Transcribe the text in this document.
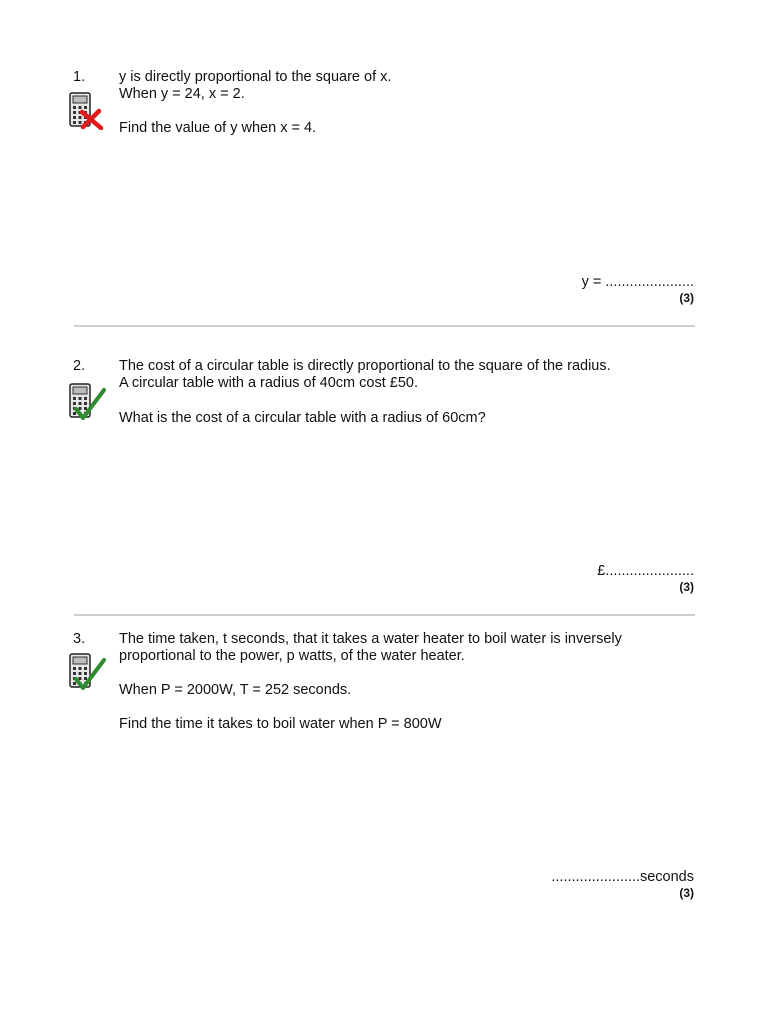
1. y is directly proportional to the square of x.
When y = 24, x = 2.
Find the value of y when x = 4.
y = ......................
(3)
2. The cost of a circular table is directly proportional to the square of the radius.
A circular table with a radius of 40cm cost £50.
What is the cost of a circular table with a radius of 60cm?
£......................
(3)
3. The time taken, t seconds, that it takes a water heater to boil water is inversely
proportional to the power, p watts, of the water heater.
When P = 2000W, T = 252 seconds.
Find the time it takes to boil water when P = 800W
......................seconds
(3)
